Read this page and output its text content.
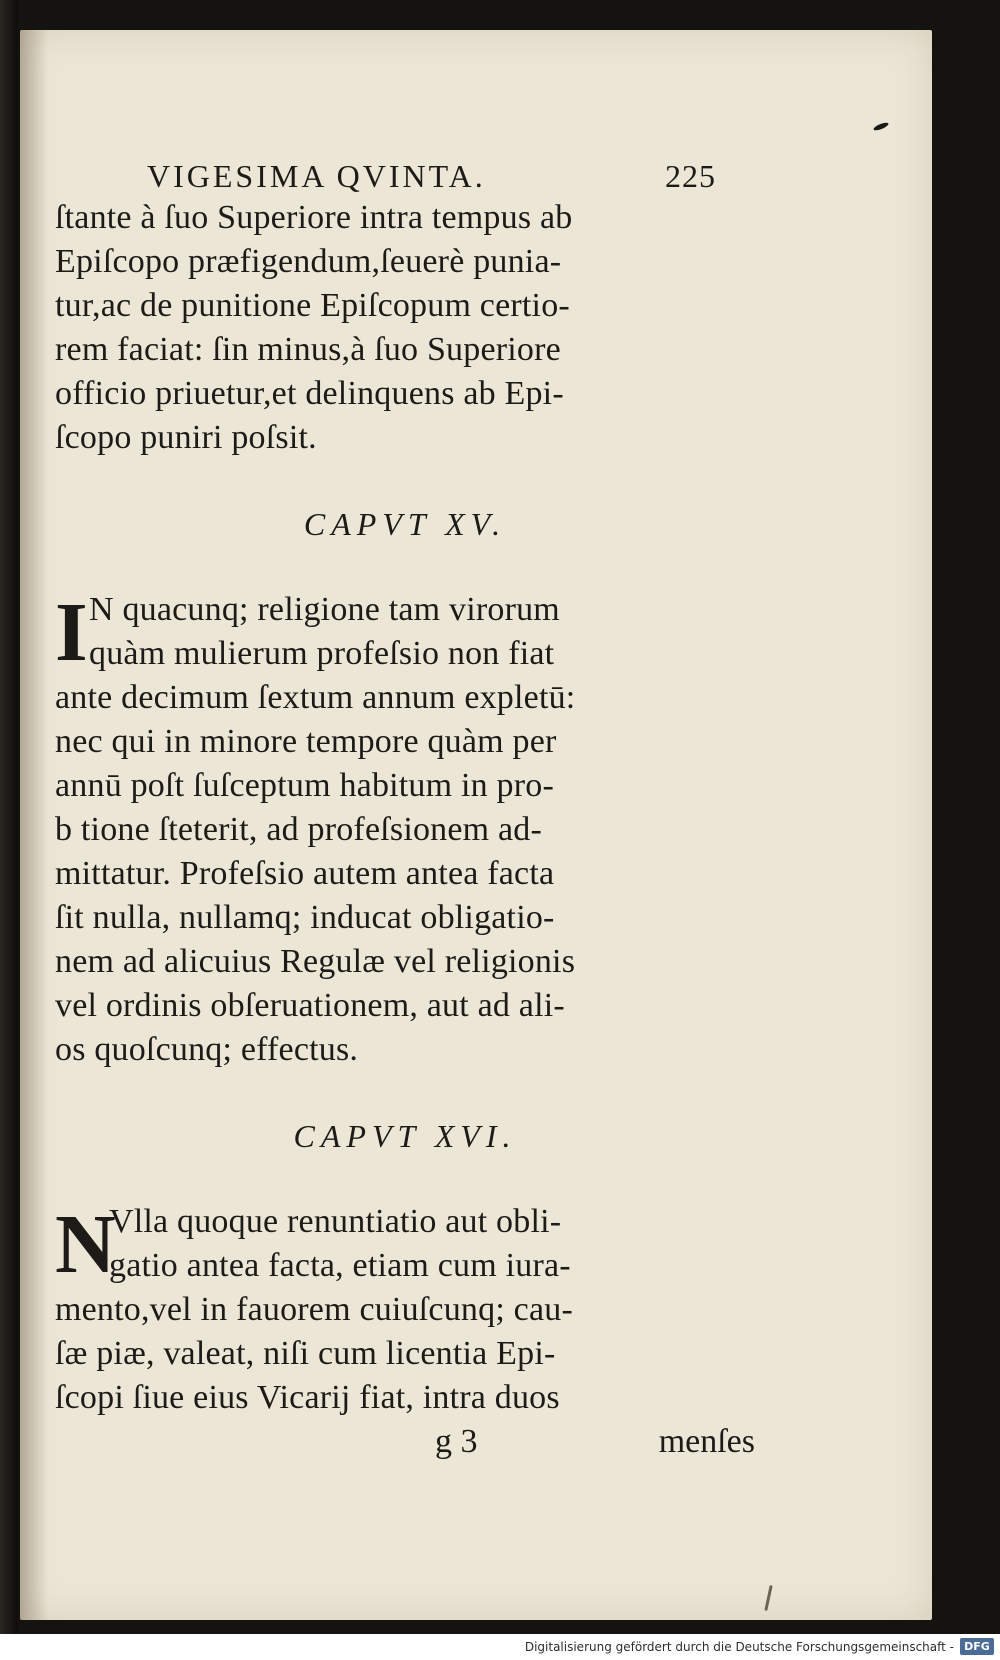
VIGESIMA QVINTA.	225
ſtante à ſuo Superiore intra tempus ab
Epiſcopo præfigendum,ſeuerè punia-
tur,ac de punitione Epiſcopum certio-
rem faciat: ſin minus,à ſuo Superiore
officio priuetur,et delinquens ab Epi-
ſcopo puniri poſsit.
CAPVT XV.
I N quacunq; religione tam virorum
quàm mulierum profeſsio non fiat
ante decimum ſextum annum expletū:
nec qui in minore tempore quàm per
annū poſt ſuſceptum habitum in pro-
b tione ſteterit, ad profeſsionem ad-
mittatur. Profeſsio autem antea facta
ſit nulla, nullamq; inducat obligatio-
nem ad alicuius Regulæ vel religionis
vel ordinis obſeruationem, aut ad ali-
os quoſcunq; effectus.
CAPVT XVI.
N
Vlla quoque renuntiatio aut obli-
gatio antea facta, etiam cum iura-
mento,vel in fauorem cuiuſcunq; cau-
ſæ piæ, valeat, niſi cum licentia Epi-
ſcopi ſiue eius Vicarij fiat, intra duos
g 3	menſes
Digitalisierung gefördert durch die Deutsche Forschungsgemeinschaft - DFG
